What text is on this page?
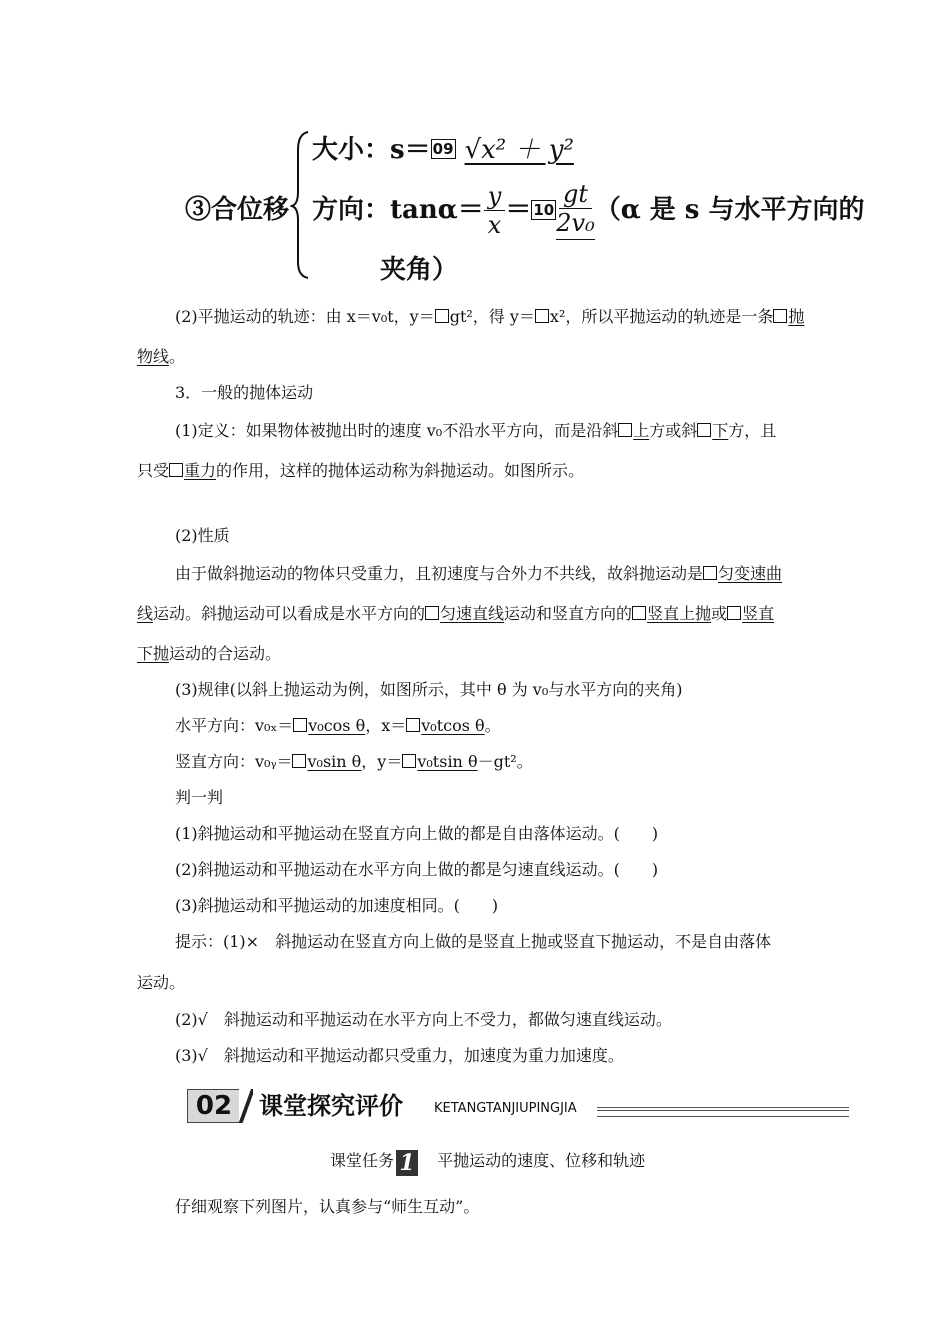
③合位移
大小：s＝ 09 √x² ＋ y²
方向：$\tan\alpha= \frac{y}{x} = 10 \frac{gt}{\text{2v₀}} (\alpha$ 是 s 与水平方向的
夹角）
(2)平抛运动的轨迹：由 x＝v₀t，y＝ gt²，得 y＝ x²，所以平抛运动的轨迹是一条 抛
物线。
3．一般的抛体运动
(1)定义：如果物体被抛出时的速度 v₀不沿水平方向，而是沿斜 上方或斜 下方，且
只受 重力的作用，这样的抛体运动称为斜抛运动。如图所示。
(2)性质
由于做斜抛运动的物体只受重力，且初速度与合外力不共线，故斜抛运动是 匀变速曲
线运动。斜抛运动可以看成是水平方向的 匀速直线运动和竖直方向的 竖直上抛或 竖直
下抛运动的合运动。
(3)规律(以斜上抛运动为例，如图所示，其中 θ 为 v₀与水平方向的夹角)
水平方向：v₀ₓ＝ v₀cos θ，x＝ v₀tcos θ。
竖直方向：v₀ᵧ＝ v₀sin θ，y＝ v₀tsin θ－gt²。
判一判
(1)斜抛运动和平抛运动在竖直方向上做的都是自由落体运动。(　　)
(2)斜抛运动和平抛运动在水平方向上做的都是匀速直线运动。(　　)
(3)斜抛运动和平抛运动的加速度相同。(　　)
提示：(1)×　斜抛运动在竖直方向上做的是竖直上抛或竖直下抛运动，不是自由落体
运动。
(2)√　斜抛运动和平抛运动在水平方向上不受力，都做匀速直线运动。
(3)√　斜抛运动和平抛运动都只受重力，加速度为重力加速度。
02	课堂探究评价 KETANGTANJIUPINGJIA
课堂任务 1 平抛运动的速度、位移和轨迹
仔细观察下列图片，认真参与“师生互动”。
